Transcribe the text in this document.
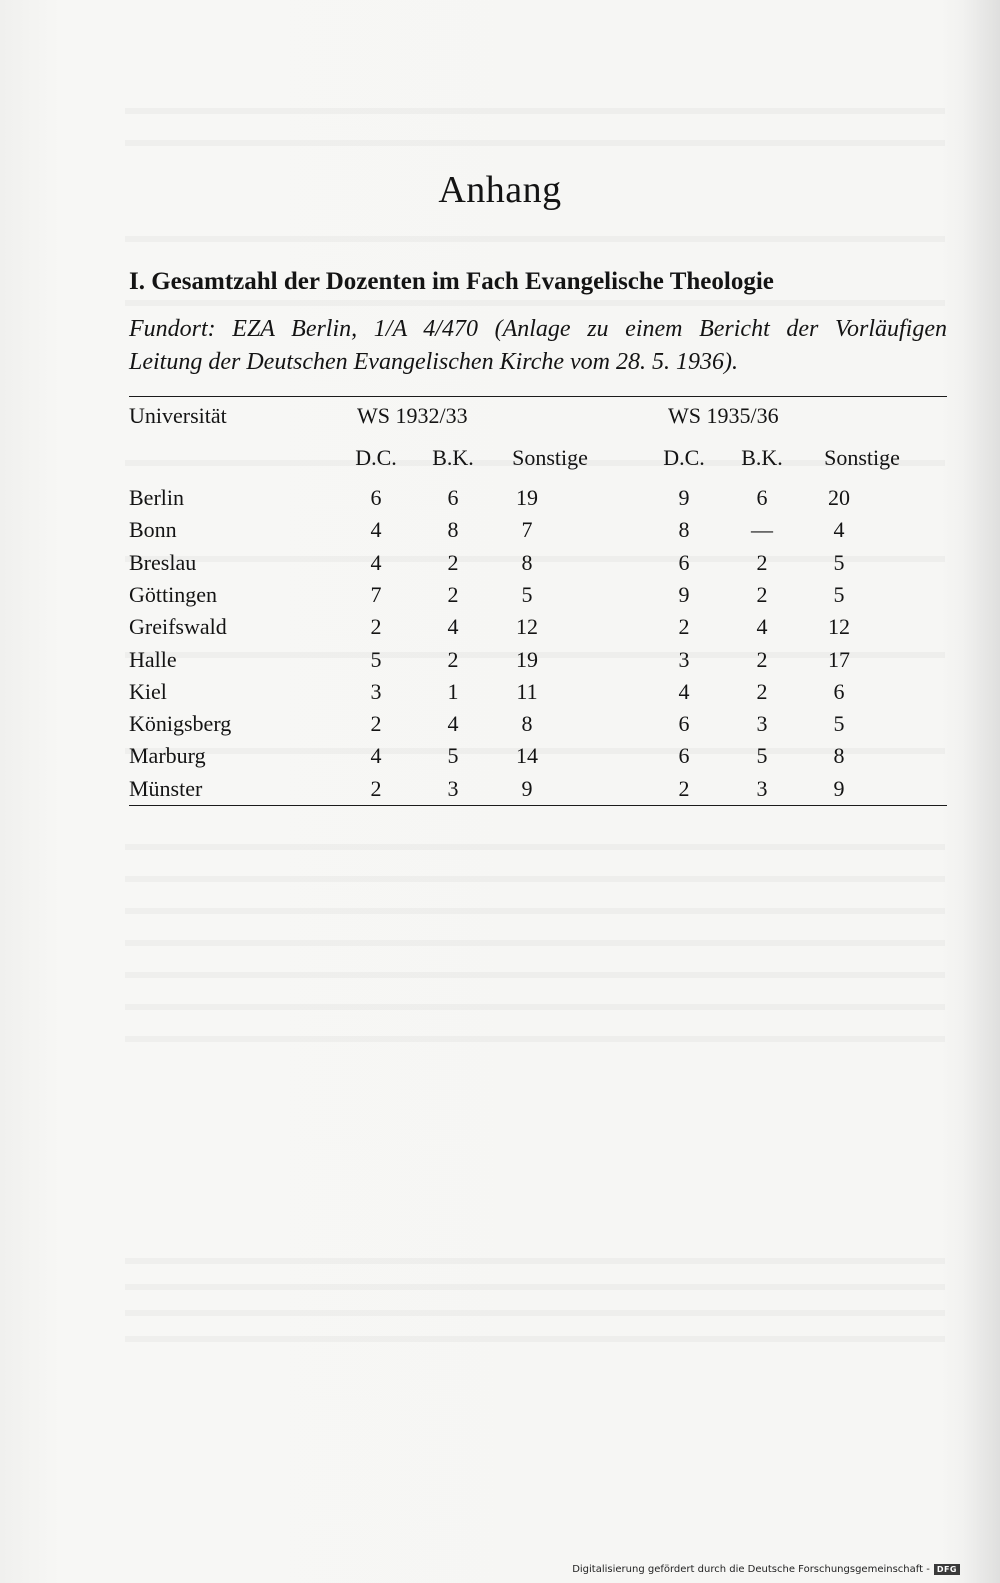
Anhang
I. Gesamtzahl der Dozenten im Fach Evangelische Theologie

Fundort: EZA Berlin, 1/A 4/470 (Anlage zu einem Bericht der Vorläufigen
Leitung der Deutschen Evangelischen Kirche vom 28. 5. 1936).

Universität	WS 1932/33	WS 1935/36
D.C.	B.K.	Sonstige	D.C.	B.K.	Sonstige
Berlin	6	6	19	9	6	20
Bonn	4	8	7	8	—	4
Breslau	4	2	8	6	2	5
Göttingen	7	2	5	9	2	5
Greifswald	2	4	12	2	4	12
Halle	5	2	19	3	2	17
Kiel	3	1	11	4	2	6
Königsberg	2	4	8	6	3	5
Marburg	4	5	14	6	5	8
Münster	2	3	9	2	3	9
Digitalisierung gefördert durch die Deutsche Forschungsgemeinschaft - DFG
